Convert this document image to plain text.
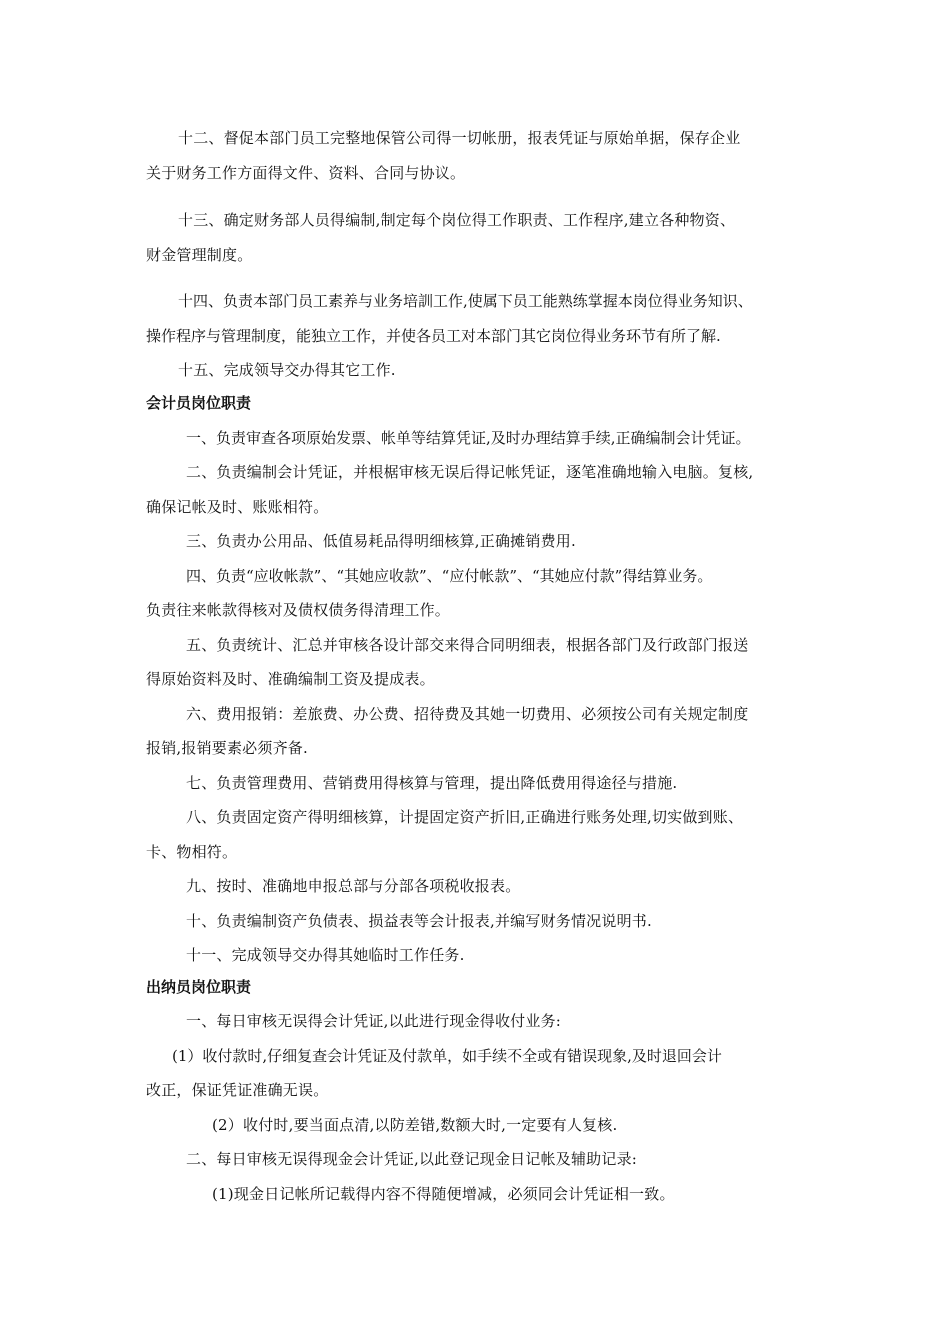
十二、督促本部门员工完整地保管公司得一切帐册，报表凭证与原始单据，保存企业
关于财务工作方面得文件、资料、合同与协议。
十三、确定财务部人员得编制,制定每个岗位得工作职责、工作程序,建立各种物资、
财金管理制度。
十四、负责本部门员工素养与业务培訓工作,使属下员工能熟练掌握本岗位得业务知识、
操作程序与管理制度，能独立工作，并使各员工对本部门其它岗位得业务环节有所了解.
十五、完成领导交办得其它工作.
会计员岗位职责
一、负责审查各项原始发票、帐单等结算凭证,及时办理结算手续,正确编制会计凭证。
二、负责编制会计凭证，并根椐审核无误后得记帐凭证，逐笔准确地输入电脑。复核,
确保记帐及时、账账相符。
三、负责办公用品、低值易耗品得明细核算,正确摊销费用.
四、负责“应收帐款”、“其她应收款”、“应付帐款”、“其她应付款”得结算业务。
负责往来帐款得核对及债权债务得清理工作。
五、负责统计、汇总并审核各设计部交来得合同明细表，根据各部门及行政部门报送
得原始资料及时、准确编制工资及提成表。
六、费用报销：差旅费、办公费、招待费及其她一切费用、必须按公司有关规定制度
报销,报销要素必须齐备.
七、负责管理费用、营销费用得核算与管理，提出降低费用得途径与措施.
八、负责固定资产得明细核算，计提固定资产折旧,正确进行账务处理,切实做到账、
卡、物相符。
九、按时、准确地申报总部与分部各项税收报表。
十、负责编制资产负债表、损益表等会计报表,并编写财务情况说明书.
十一、完成领导交办得其她临时工作任务.
出纳员岗位职责
一、每日审核无误得会计凭证,以此进行现金得收付业务:
(1）收付款时,仔细复查会计凭证及付款单，如手续不全或有错误现象,及时退回会计
改正，保证凭证准确无误。
(2）收付时,要当面点清,以防差错,数额大时,一定要有人复核.
二、每日审核无误得现金会计凭证,以此登记现金日记帐及辅助记录:
(1)现金日记帐所记载得内容不得随便增减，必须同会计凭证相一致。
